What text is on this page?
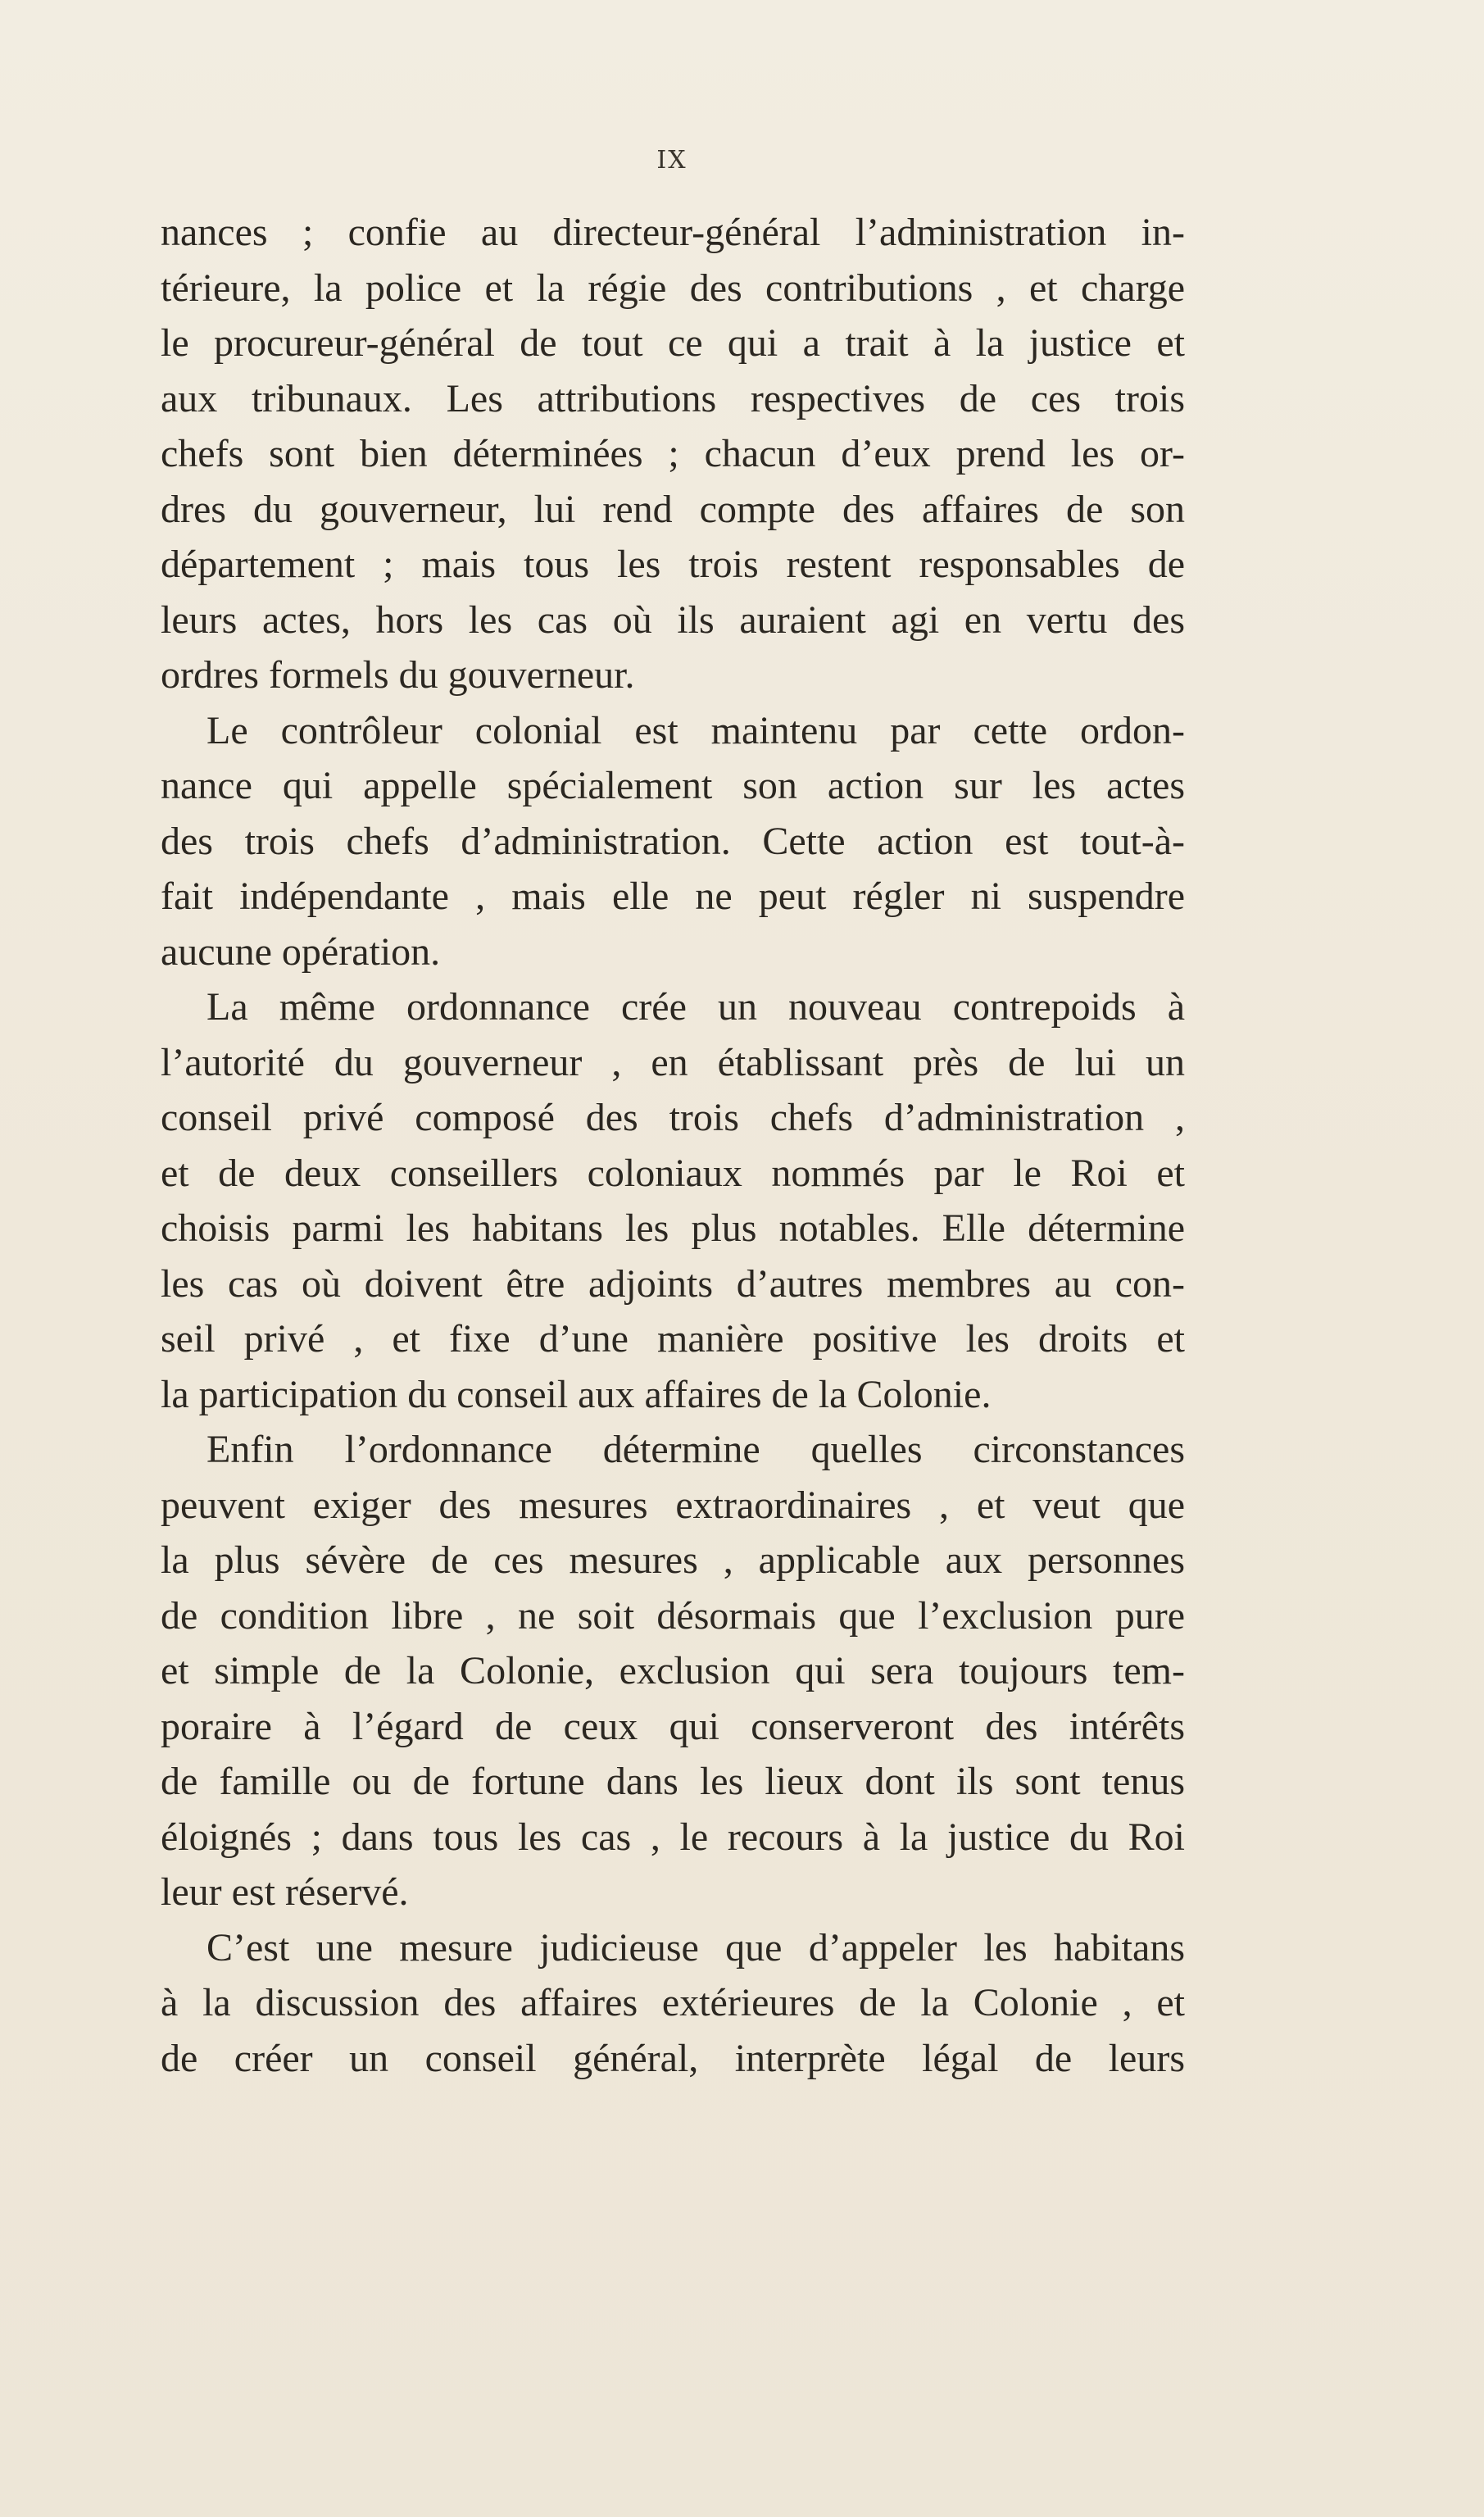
IX
nances ; confie au directeur-général l’administration in-
térieure, la police et la régie des contributions , et charge
le procureur-général de tout ce qui a trait à la justice et
aux tribunaux. Les attributions respectives de ces trois
chefs sont bien déterminées ; chacun d’eux prend les or-
dres du gouverneur, lui rend compte des affaires de son
département ; mais tous les trois restent responsables de
leurs actes, hors les cas où ils auraient agi en vertu des
ordres formels du gouverneur.
Le contrôleur colonial est maintenu par cette ordon-
nance qui appelle spécialement son action sur les actes
des trois chefs d’administration. Cette action est tout-à-
fait indépendante , mais elle ne peut régler ni suspendre
aucune opération.
La même ordonnance crée un nouveau contrepoids à
l’autorité du gouverneur , en établissant près de lui un
conseil privé composé des trois chefs d’administration ,
et de deux conseillers coloniaux nommés par le Roi et
choisis parmi les habitans les plus notables. Elle détermine
les cas où doivent être adjoints d’autres membres au con-
seil privé , et fixe d’une manière positive les droits et
la participation du conseil aux affaires de la Colonie.
Enfin l’ordonnance détermine quelles circonstances
peuvent exiger des mesures extraordinaires , et veut que
la plus sévère de ces mesures , applicable aux personnes
de condition libre , ne soit désormais que l’exclusion pure
et simple de la Colonie, exclusion qui sera toujours tem-
poraire à l’égard de ceux qui conserveront des intérêts
de famille ou de fortune dans les lieux dont ils sont tenus
éloignés ; dans tous les cas , le recours à la justice du Roi
leur est réservé.
C’est une mesure judicieuse que d’appeler les habitans
à la discussion des affaires extérieures de la Colonie , et
de créer un conseil général, interprète légal de leurs
